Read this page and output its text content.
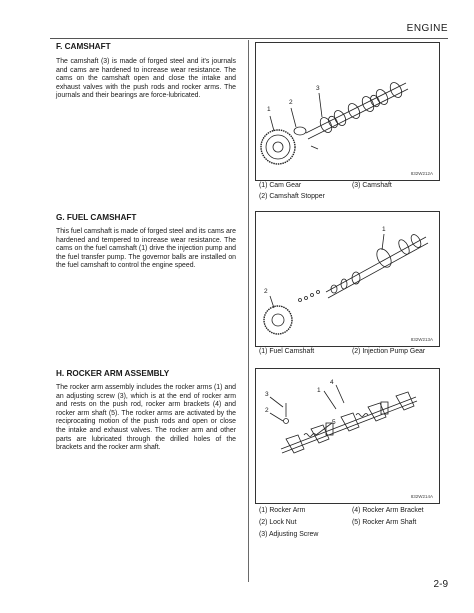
ENGINE
F. CAMSHAFT
The camshaft (3) is made of forged steel and it's journals and cams are hardened to increase wear resistance. The cams on the camshaft open and close the intake and exhaust valves with the push rods and rocker arms. The journals and their bearings are force-lubricated.
1
2
3
832W212A
(1) Cam Gear	(3) Camshaft
(2) Camshaft Stopper
G. FUEL CAMSHAFT
This fuel camshaft is made of forged steel and its cams are hardened and tempered to increase wear resistance. The cams on the fuel camshaft (1) drive the injection pump and the fuel transfer pump. The governor balls are installed on the fuel camshaft to control the engine speed.
1
2
832W213A
(1) Fuel Camshaft	(2) Injection Pump Gear
H. ROCKER ARM ASSEMBLY
The rocker arm assembly includes the rocker arms (1) and an adjusting screw (3), which is at the end of rocker arm and rests on the push rod, rocker arm brackets (4) and rocker arm shaft (5). The rocker arms are activated by the reciprocating motion of the push rods and open or close the intake and exhaust valves. The rocker arm and other parts are lubricated through the drilled holes of the brackets and the rocker arm shaft.
1
2
3
4
5
832W214A
(1) Rocker Arm	(4) Rocker Arm Bracket
(2) Lock Nut	(5) Rocker Arm Shaft
(3) Adjusting Screw
2-9
